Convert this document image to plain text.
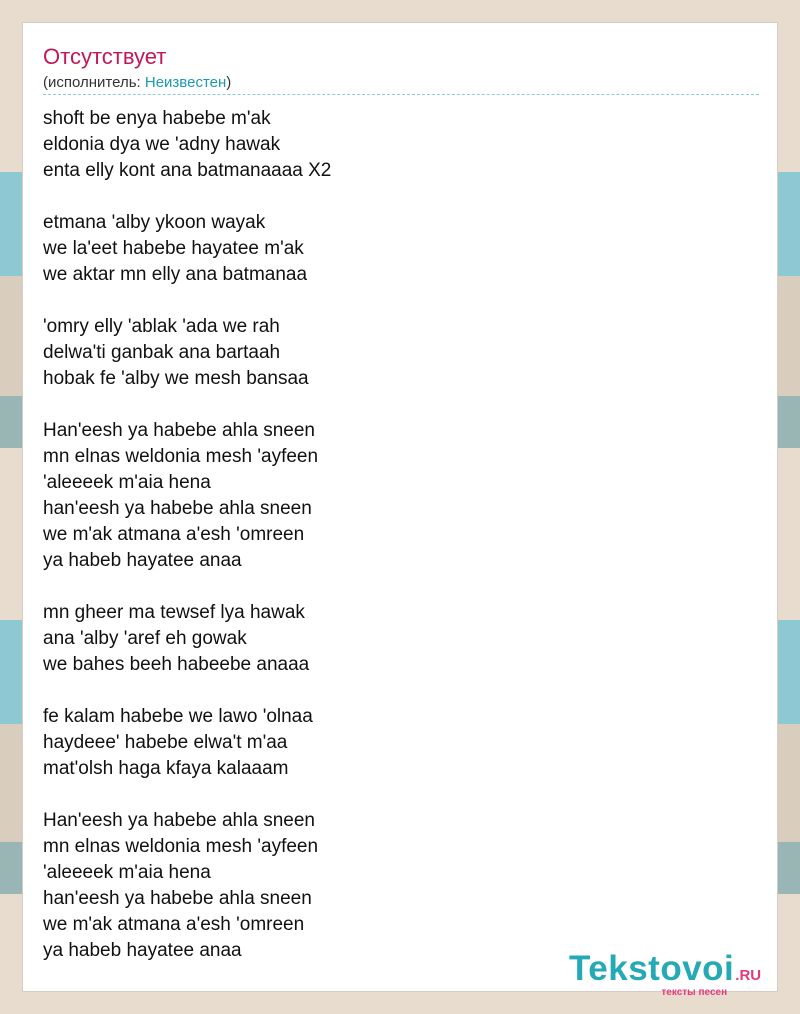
Отсутствует
(исполнитель: Неизвестен)
shoft be enya habebe m'ak
eldonia dya we 'adny hawak
enta elly kont ana batmanaaaa X2
etmana 'alby ykoon wayak
we la'eet habebe hayatee m'ak
we aktar mn elly ana batmanaa
'omry elly 'ablak 'ada we rah
delwa'ti ganbak ana bartaah
hobak fe 'alby we mesh bansaa
Han'eesh ya habebe ahla sneen
mn elnas weldonia mesh 'ayfeen
'aleeeek m'aia hena
han'eesh ya habebe ahla sneen
we m'ak atmana a'esh 'omreen
ya habeb hayatee anaa
mn gheer ma tewsef lya hawak
ana 'alby 'aref eh gowak
we bahes beeh habeebe anaaa
fe kalam habebe we lawo 'olnaa
haydeee' habebe elwa't m'aa
mat'olsh haga kfaya kalaaam
Han'eesh ya habebe ahla sneen
mn elnas weldonia mesh 'ayfeen
'aleeeek m'aia hena
han'eesh ya habebe ahla sneen
we m'ak atmana a'esh 'omreen
ya habeb hayatee anaa	Tekstovoi.RU
тексты песен
